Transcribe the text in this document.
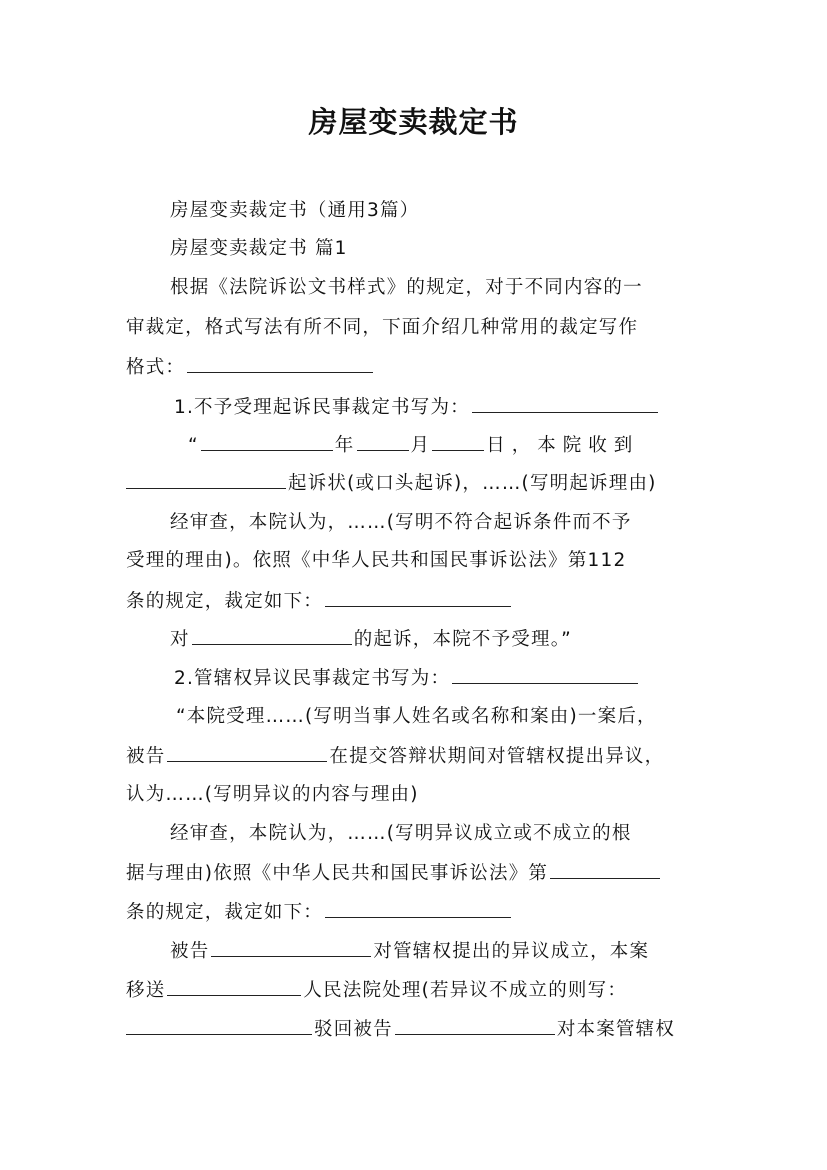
房屋变卖裁定书
房屋变卖裁定书（通用3篇）
房屋变卖裁定书 篇1
根据《法院诉讼文书样式》的规定，对于不同内容的一
审裁定，格式写法有所不同，下面介绍几种常用的裁定写作
格式：
1.不予受理起诉民事裁定书写为：
“	年	月	日，本院收到
起诉状(或口头起诉)，……(写明起诉理由)
经审查，本院认为，……(写明不符合起诉条件而不予
受理的理由)。依照《中华人民共和国民事诉讼法》第112
条的规定，裁定如下：
对	的起诉，本院不予受理。”
2.管辖权异议民事裁定书写为：
“本院受理……(写明当事人姓名或名称和案由)一案后，
被告	在提交答辩状期间对管辖权提出异议，
认为……(写明异议的内容与理由)
经审查，本院认为，……(写明异议成立或不成立的根
据与理由)依照《中华人民共和国民事诉讼法》第
条的规定，裁定如下：
被告	对管辖权提出的异议成立，本案
移送	人民法院处理(若异议不成立的则写：
驳回被告	对本案管辖权
